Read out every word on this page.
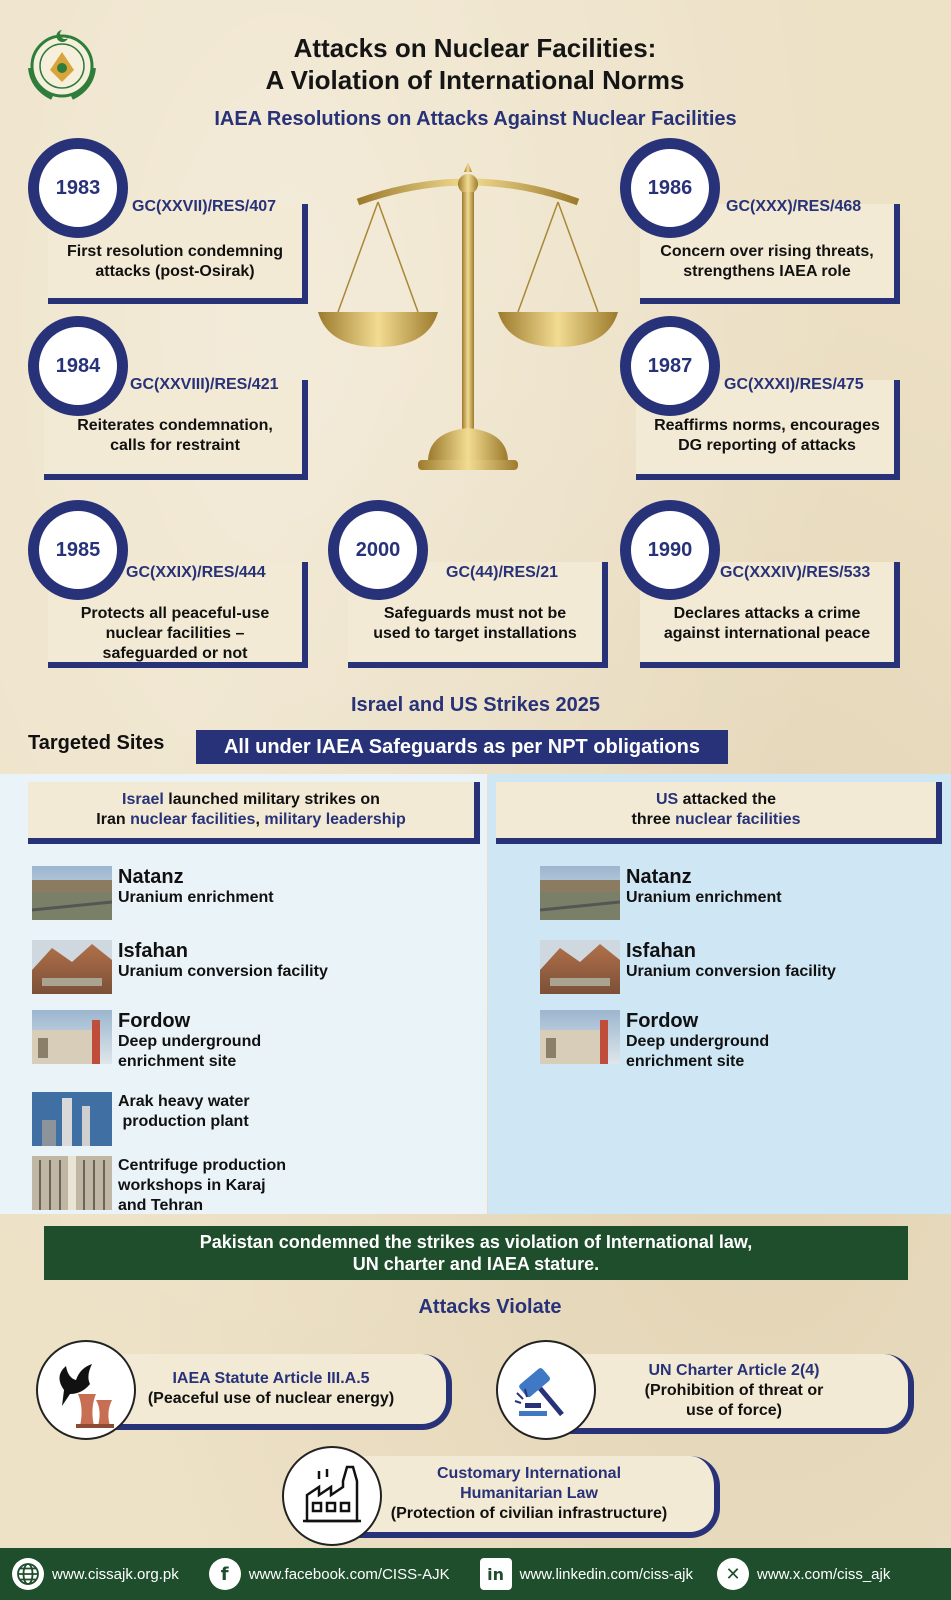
Attacks on Nuclear Facilities:
A Violation of International Norms
IAEA Resolutions on Attacks Against Nuclear Facilities
1983
GC(XXVII)/RES/407
First resolution condemning
attacks (post-Osirak)
1986
GC(XXX)/RES/468
Concern over rising threats,
strengthens IAEA role
1984
GC(XXVIII)/RES/421
Reiterates condemnation,
calls for restraint
1987
GC(XXXI)/RES/475
Reaffirms norms, encourages
DG reporting of attacks
1985
GC(XXIX)/RES/444
Protects all peaceful-use
nuclear facilities –
safeguarded or not
2000
GC(44)/RES/21
Safeguards must not be
used to target installations
1990
GC(XXXIV)/RES/533
Declares attacks a crime
against international peace
Israel and US Strikes 2025
Targeted Sites	All under IAEA Safeguards as per NPT obligations
Israel launched military strikes on
Iran nuclear facilities, military leadership
US attacked the
three nuclear facilities
Natanz
Uranium enrichment
Isfahan
Uranium conversion facility
Fordow
Deep underground
enrichment site
Arak heavy water
production plant
Centrifuge production
workshops in Karaj
and Tehran
Natanz
Uranium enrichment
Isfahan
Uranium conversion facility
Fordow
Deep underground
enrichment site
Pakistan condemned the strikes as violation of International law,
UN charter and IAEA stature.
Attacks Violate
IAEA Statute Article III.A.5
(Peaceful use of nuclear energy)
UN Charter Article 2(4)
(Prohibition of threat or
use of force)
Customary International
Humanitarian Law
(Protection of civilian infrastructure)
www.cissajk.org.pk	f	www.facebook.com/CISS-AJK	in	www.linkedin.com/ciss-ajk	✕	www.x.com/ciss_ajk
